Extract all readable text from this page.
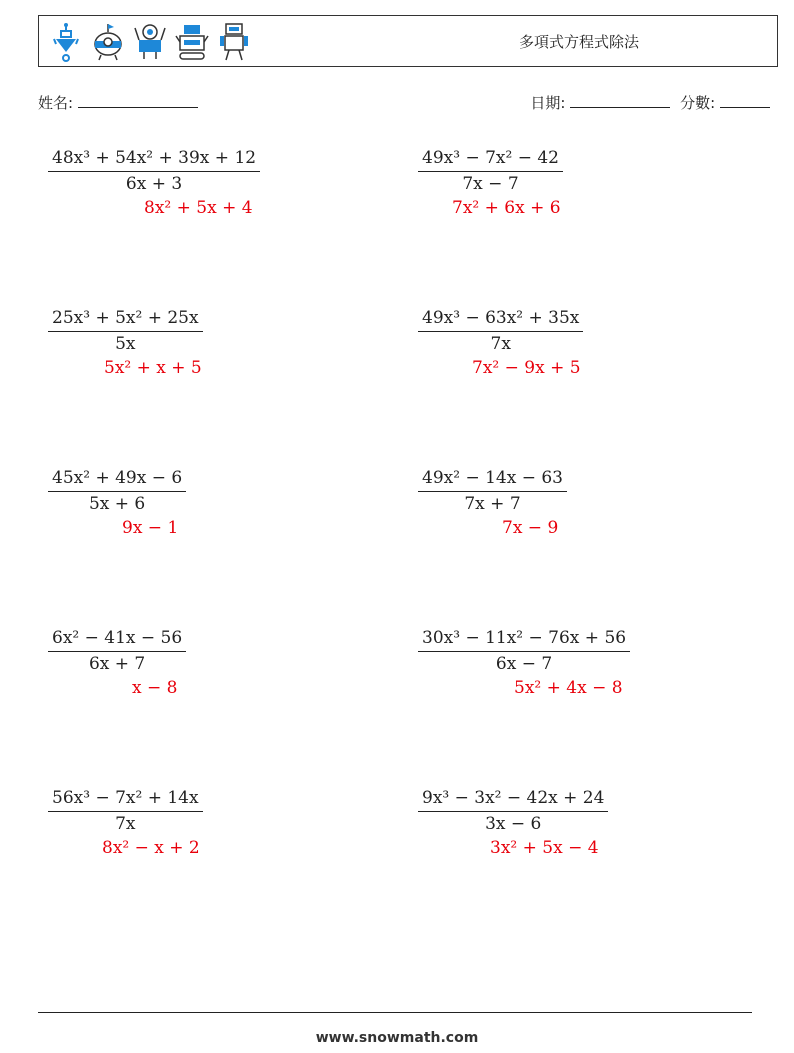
多項式方程式除法
姓名:	日期:	分數:
$\frac{\text{48x³ + 54x² + 39x + 12}}{6x + 3}$
8x² + 5x + 4
$\frac{\text{49x³ − 7x² − 42}}{7x - 7}$
7x² + 6x + 6
$\frac{\text{25x³ + 5x² + 25x}}{5x}$
5x² + x + 5
$\frac{\text{49x³ − 63x² + 35x}}{7x}$
7x² − 9x + 5
$\frac{\text{45x² + 49x − 6}}{5x + 6}$
9x − 1
$\frac{\text{49x² − 14x − 63}}{7x + 7}$
7x − 9
$\frac{\text{6x² − 41x − 56}}{6x + 7}$
x − 8
$\frac{\text{30x³ − 11x² − 76x + 56}}{6x - 7}$
5x² + 4x − 8
$\frac{\text{56x³ − 7x² + 14x}}{7x}$
8x² − x + 2
$\frac{\text{9x³ − 3x² − 42x + 24}}{3x - 6}$
3x² + 5x − 4
www.snowmath.com
